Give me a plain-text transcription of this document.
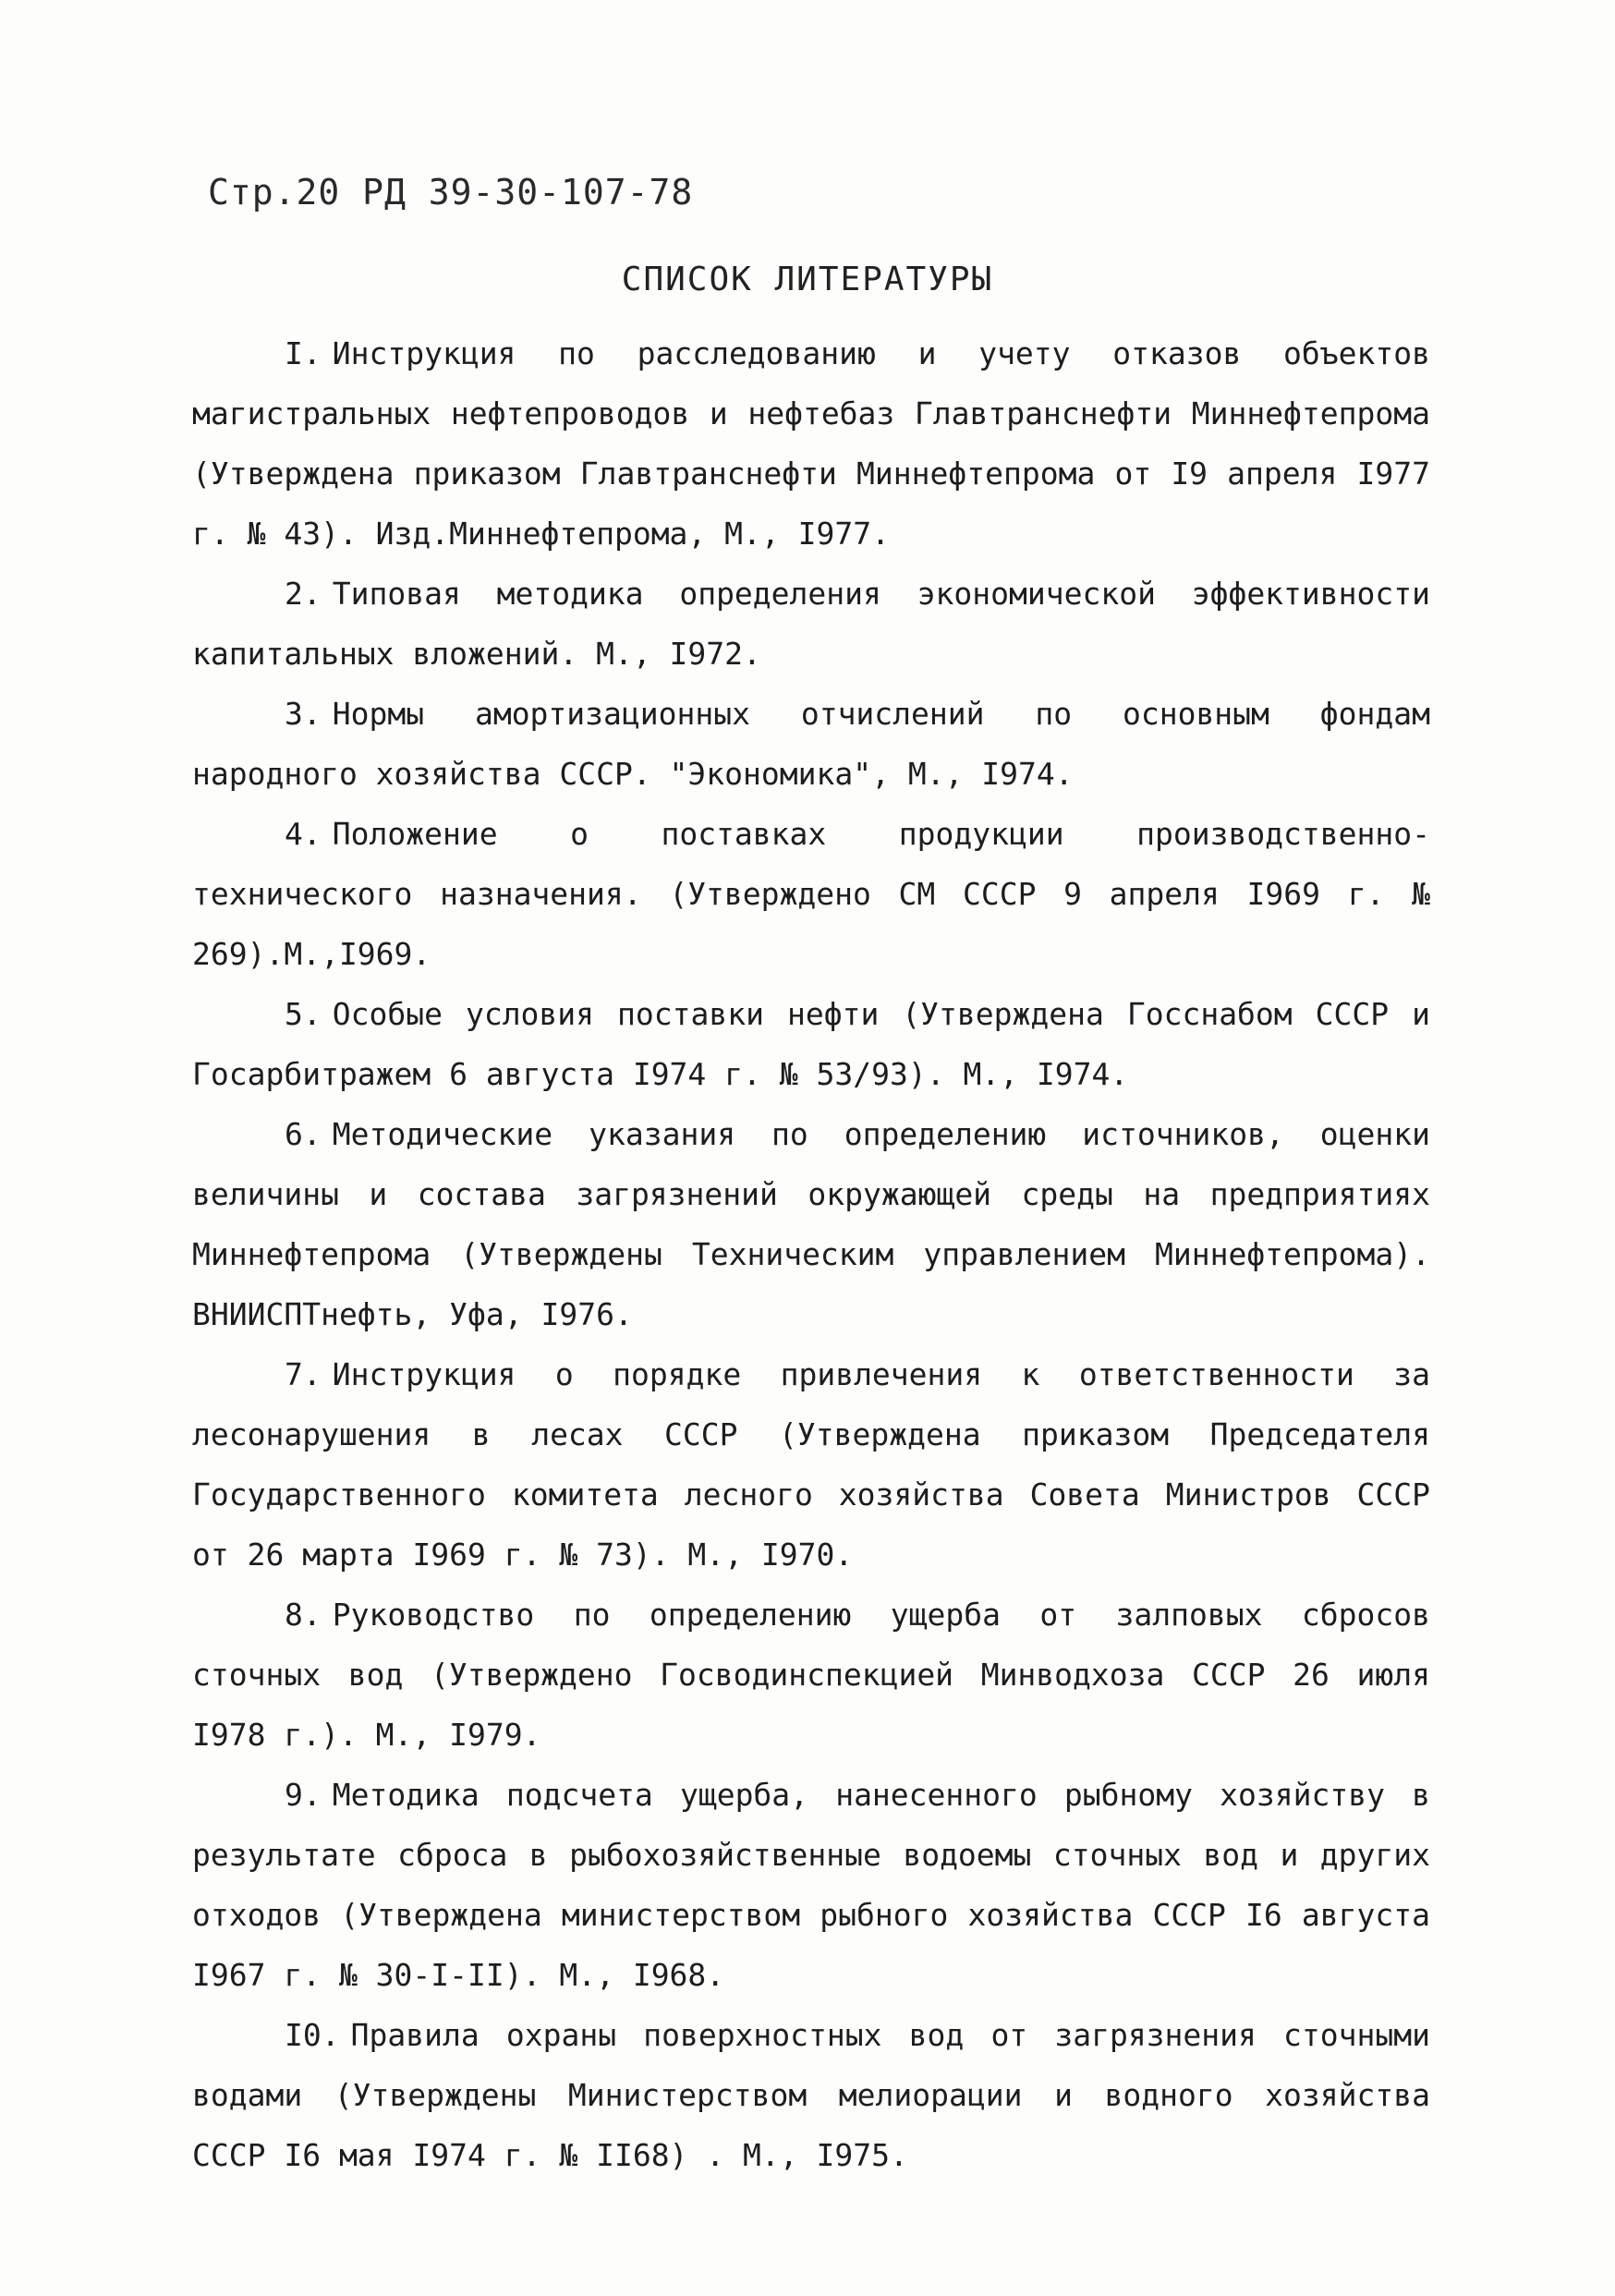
Стр.20 РД 39-30-107-78
СПИСОК ЛИТЕРАТУРЫ
I. Инструкция по расследованию и учету отказов объектов магистральных нефтепроводов и нефтебаз Главтранснефти Миннефтепрома (Утверждена приказом Главтранснефти Миннефтепрома от I9 апреля I977 г. № 43). Изд.Миннефтепрома, М., I977.
2. Типовая методика определения экономической эффективности капитальных вложений. М., I972.
3. Нормы амортизационных отчислений по основным фондам народного хозяйства СССР. "Экономика", М., I974.
4. Положение о поставках продукции производственно-технического назначения. (Утверждено СМ СССР 9 апреля I969 г. № 269).М.,I969.
5. Особые условия поставки нефти (Утверждена Госснабом СССР и Госарбитражем 6 августа I974 г. № 53/93). М., I974.
6. Методические указания по определению источников, оценки величины и состава загрязнений окружающей среды на предприятиях Миннефтепрома (Утверждены Техническим управлением Миннефтепрома). ВНИИСПТнефть, Уфа, I976.
7. Инструкция о порядке привлечения к ответственности за лесонарушения в лесах СССР (Утверждена приказом Председателя Государственного комитета лесного хозяйства Совета Министров СССР от 26 марта I969 г. № 73). М., I970.
8. Руководство по определению ущерба от залповых сбросов сточных вод (Утверждено Госводинспекцией Минводхоза СССР 26 июля I978 г.). М., I979.
9. Методика подсчета ущерба, нанесенного рыбному хозяйству в результате сброса в рыбохозяйственные водоемы сточных вод и других отходов (Утверждена министерством рыбного хозяйства СССР I6 августа I967 г. № 30-I-II). М., I968.
I0. Правила охраны поверхностных вод от загрязнения сточными водами (Утверждены Министерством мелиорации и водного хозяйства СССР I6 мая I974 г. № II68) . М., I975.
